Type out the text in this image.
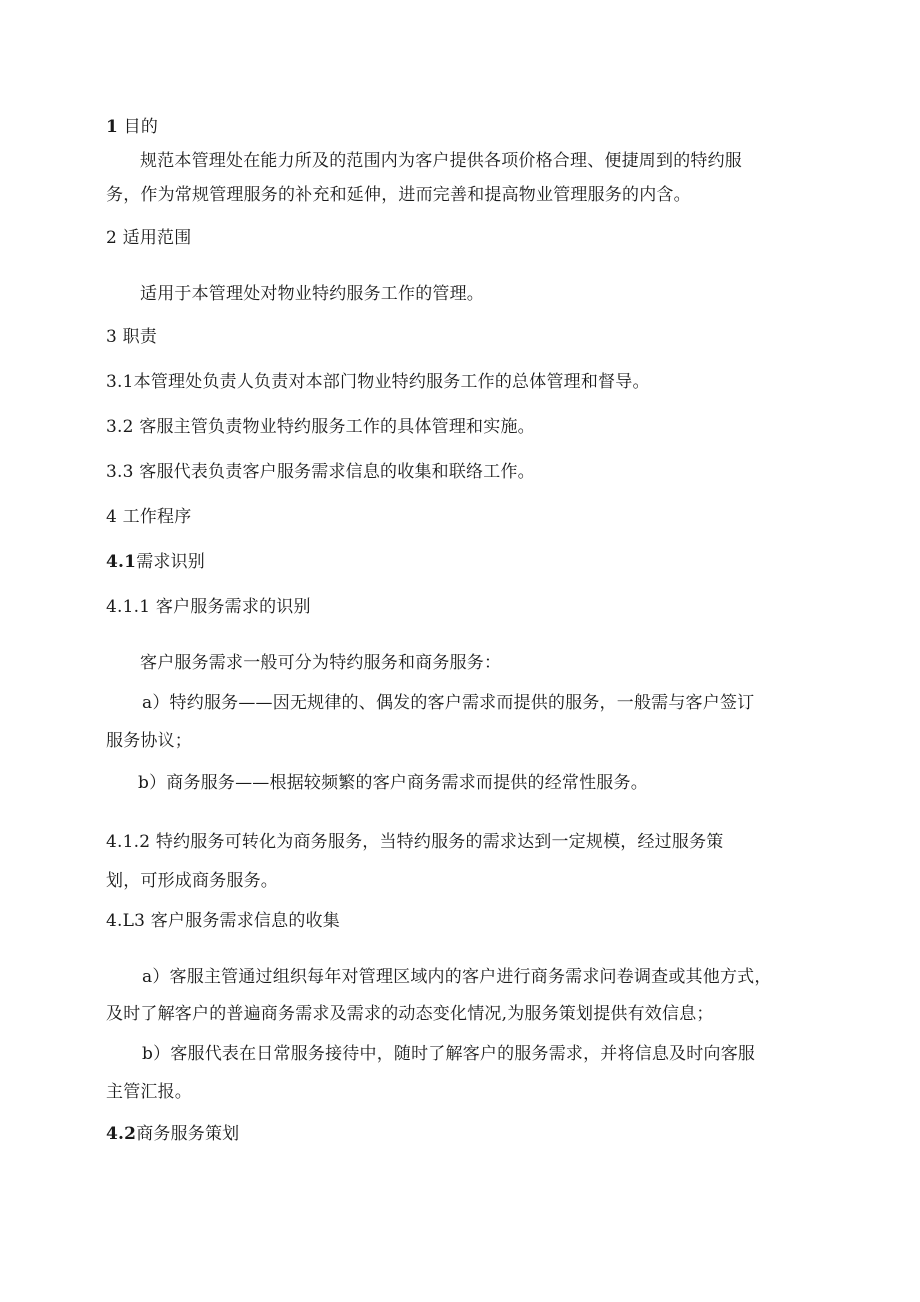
1 目的
规范本管理处在能力所及的范围内为客户提供各项价格合理、便捷周到的特约服
务，作为常规管理服务的补充和延伸，进而完善和提高物业管理服务的内含。
2 适用范围
适用于本管理处对物业特约服务工作的管理。
3 职责
3.1本管理处负责人负责对本部门物业特约服务工作的总体管理和督导。
3.2 客服主管负责物业特约服务工作的具体管理和实施。
3.3 客服代表负责客户服务需求信息的收集和联络工作。
4 工作程序
4.1需求识别
4.1.1 客户服务需求的识别
客户服务需求一般可分为特约服务和商务服务：
a）特约服务——因无规律的、偶发的客户需求而提供的服务，一般需与客户签订
服务协议；
b）商务服务——根据较频繁的客户商务需求而提供的经常性服务。
4.1.2 特约服务可转化为商务服务，当特约服务的需求达到一定规模，经过服务策
划，可形成商务服务。
4.L3 客户服务需求信息的收集
a）客服主管通过组织每年对管理区域内的客户进行商务需求问卷调查或其他方式，
及时了解客户的普遍商务需求及需求的动态变化情况,为服务策划提供有效信息；
b）客服代表在日常服务接待中，随时了解客户的服务需求，并将信息及时向客服
主管汇报。
4.2商务服务策划
